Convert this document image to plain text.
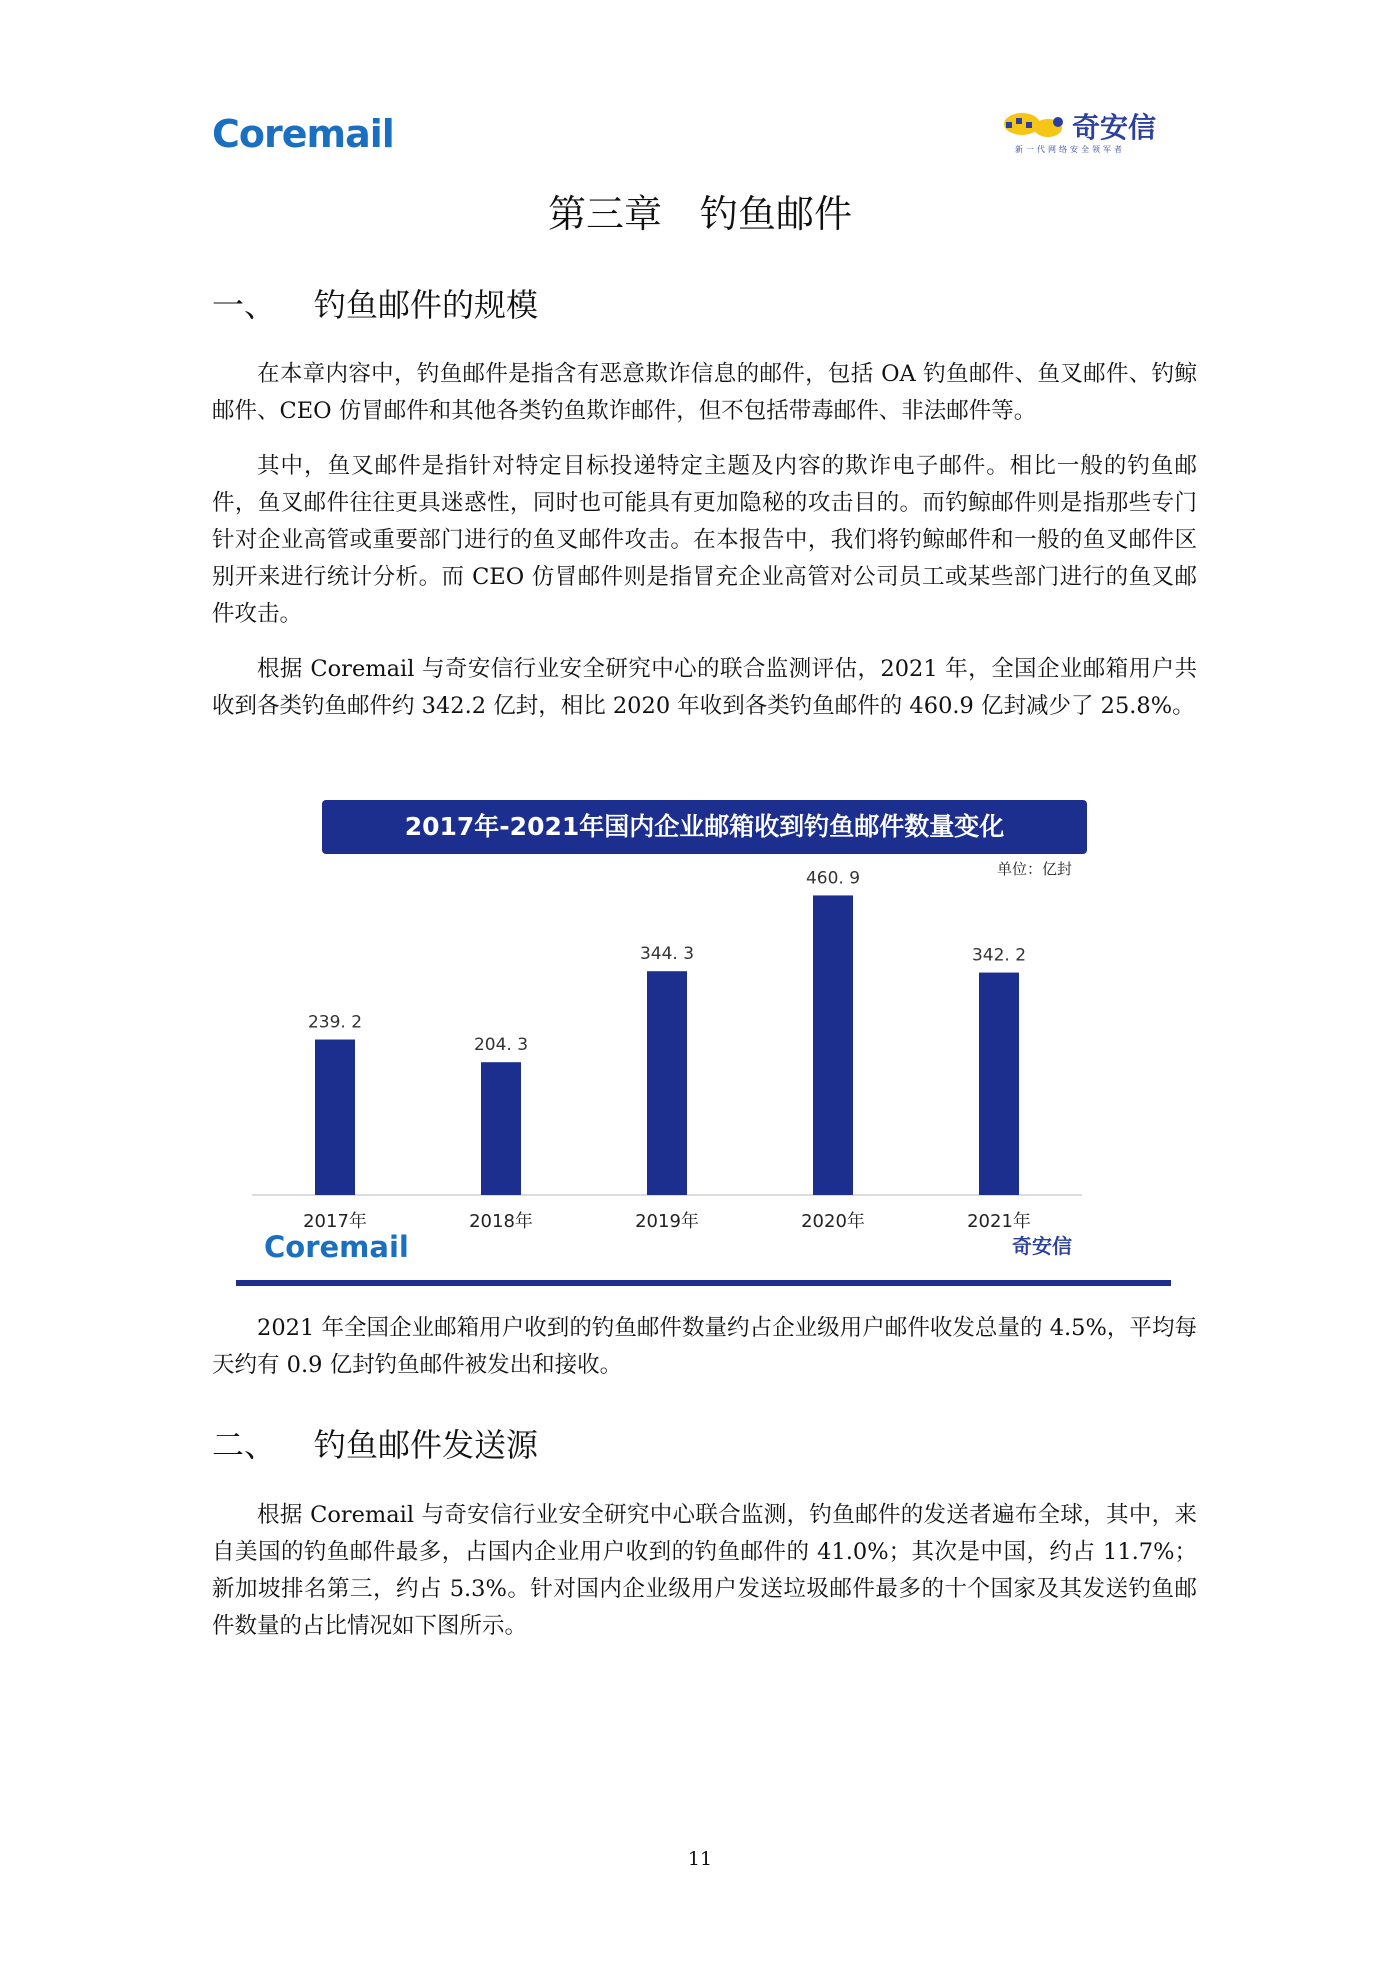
Coremail	奇安信
新一代网络安全领军者
第三章　钓鱼邮件
一、 钓鱼邮件的规模
在本章内容中，钓鱼邮件是指含有恶意欺诈信息的邮件，包括 OA 钓鱼邮件、鱼叉邮件、钓鲸邮件、CEO 仿冒邮件和其他各类钓鱼欺诈邮件，但不包括带毒邮件、非法邮件等。
其中，鱼叉邮件是指针对特定目标投递特定主题及内容的欺诈电子邮件。相比一般的钓鱼邮件，鱼叉邮件往往更具迷惑性，同时也可能具有更加隐秘的攻击目的。而钓鲸邮件则是指那些专门针对企业高管或重要部门进行的鱼叉邮件攻击。在本报告中，我们将钓鲸邮件和一般的鱼叉邮件区别开来进行统计分析。而 CEO 仿冒邮件则是指冒充企业高管对公司员工或某些部门进行的鱼叉邮件攻击。
根据 Coremail 与奇安信行业安全研究中心的联合监测评估，2021 年，全国企业邮箱用户共收到各类钓鱼邮件约 342.2 亿封，相比 2020 年收到各类钓鱼邮件的 460.9 亿封减少了 25.8%。
2017年-2021年国内企业邮箱收到钓鱼邮件数量变化
单位：亿封
239. 2
2017年
204. 3
2018年
344. 3
2019年
460. 9
2020年
342. 2
2021年
Coremail	奇安信
2021 年全国企业邮箱用户收到的钓鱼邮件数量约占企业级用户邮件收发总量的 4.5%，平均每天约有 0.9 亿封钓鱼邮件被发出和接收。
二、 钓鱼邮件发送源
根据 Coremail 与奇安信行业安全研究中心联合监测，钓鱼邮件的发送者遍布全球，其中，来自美国的钓鱼邮件最多，占国内企业用户收到的钓鱼邮件的 41.0%；其次是中国，约占 11.7%；新加坡排名第三，约占 5.3%。针对国内企业级用户发送垃圾邮件最多的十个国家及其发送钓鱼邮件数量的占比情况如下图所示。
11
